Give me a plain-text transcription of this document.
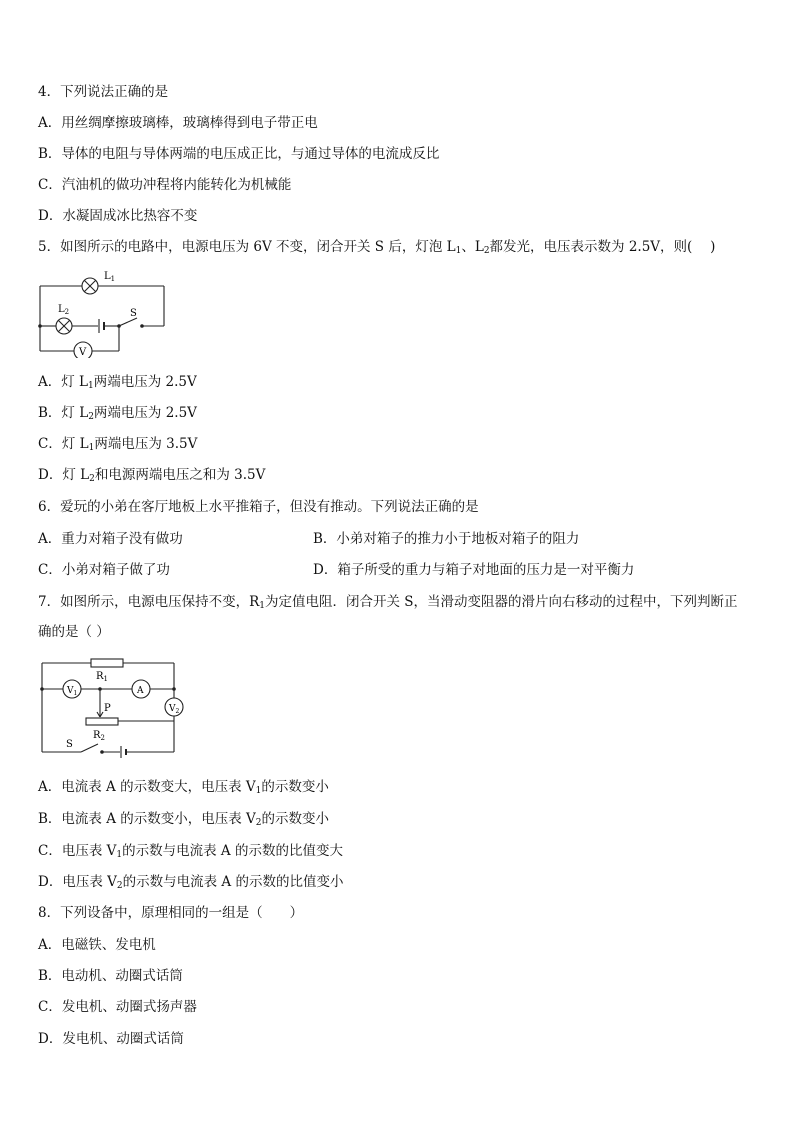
4．下列说法正确的是
A．用丝绸摩擦玻璃棒，玻璃棒得到电子带正电
B．导体的电阻与导体两端的电压成正比，与通过导体的电流成反比
C．汽油机的做功冲程将内能转化为机械能
D．水凝固成冰比热容不变
5．如图所示的电路中，电源电压为 6V 不变，闭合开关 S 后，灯泡 $L_1$、$L_2$都发光，电压表示数为 2.5V，则(　 )
$L_1$
$L_2$	S
V
A．灯 $L_1$两端电压为 2.5V
B．灯 $L_2$两端电压为 2.5V
C．灯 $L_1$两端电压为 3.5V
D．灯 $L_2$和电源两端电压之和为 3.5V
6．爱玩的小弟在客厅地板上水平推箱子，但没有推动。下列说法正确的是
A．重力对箱子没有做功	B．小弟对箱子的推力小于地板对箱子的阻力
C．小弟对箱子做了功	D．箱子所受的重力与箱子对地面的压力是一对平衡力
7．如图所示，电源电压保持不变，$R_1$为定值电阻．闭合开关 S，当滑动变阻器的滑片向右移动的过程中，下列判断正
确的是（ ）
$R_1$
$V_1$	A
$V_2$
P
$R_2$
S
A．电流表 A 的示数变大，电压表 $V_1$的示数变小
B．电流表 A 的示数变小，电压表 $V_2$的示数变小
C．电压表 $V_1$的示数与电流表 A 的示数的比值变大
D．电压表 $V_2$的示数与电流表 A 的示数的比值变小
8．下列设备中，原理相同的一组是（　　）
A．电磁铁、发电机
B．电动机、动圈式话筒
C．发电机、动圈式扬声器
D．发电机、动圈式话筒
